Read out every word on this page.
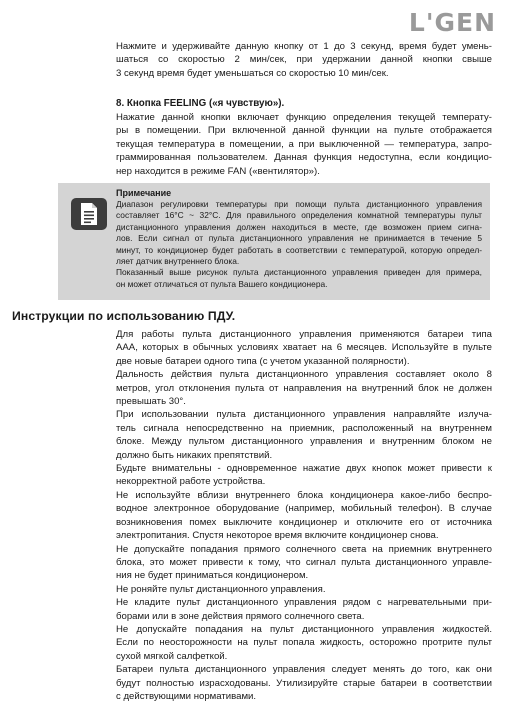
L'GEN

Нажмите и удерживайте данную кнопку от 1 до 3 секунд, время будет умень-

шаться со скоростью 2 мин/сек, при удержании данной кнопки свыше

3 секунд время будет уменьшаться со скоростью 10 мин/сек.

8. Кнопка FEELING («я чувствую»).

Нажатие данной кнопки включает функцию определения текущей температу-

ры в помещении. При включенной данной функции на пульте отображается

текущая температура в помещении, а при выключенной — температура, запро-

граммированная пользователем. Данная функция недоступна, если кондицио-

нер находится в режиме FAN («вентилятор»).

Примечание

Диапазон регулировки температуры при помощи пульта дистанционного управления

составляет 16°C ~ 32°C. Для правильного определения комнатной температуры пульт

дистанционного управления должен находиться в месте, где возможен прием сигна-

лов. Если сигнал от пульта дистанционного управления не принимается в течение 5

минут, то кондиционер будет работать в соответствии с температурой, которую определ-

ляет датчик внутреннего блока.

Показанный выше рисунок пульта дистанционного управления приведен для примера,

он может отличаться от пульта Вашего кондиционера.

Инструкции по использованию ПДУ.

Для работы пульта дистанционного управления применяются батареи типа

ААА, которых в обычных условиях хватает на 6 месяцев. Используйте в пульте

две новые батареи одного типа (с учетом указанной полярности).

Дальность действия пульта дистанционного управления составляет около 8

метров, угол отклонения пульта от направления на внутренний блок не должен

превышать 30°.

При использовании пульта дистанционного управления направляйте излуча-

тель сигнала непосредственно на приемник, расположенный на внутреннем

блоке. Между пультом дистанционного управления и внутренним блоком не

должно быть никаких препятствий.

Будьте внимательны - одновременное нажатие двух кнопок может привести к

некорректной работе устройства.

Не используйте вблизи внутреннего блока кондиционера какое-либо беспро-

водное электронное оборудование (например, мобильный телефон). В случае

возникновения помех выключите кондиционер и отключите его от источника

электропитания. Спустя некоторое время включите кондиционер снова.

Не допускайте попадания прямого солнечного света на приемник внутреннего

блока, это может привести к тому, что сигнал пульта дистанционного управле-

ния не будет приниматься кондиционером.

Не роняйте пульт дистанционного управления.

Не кладите пульт дистанционного управления рядом с нагревательными при-

борами или в зоне действия прямого солнечного света.

Не допускайте попадания на пульт дистанционного управления жидкостей.

Если по неосторожности на пульт попала жидкость, осторожно протрите пульт

сухой мягкой салфеткой.

Батареи пульта дистанционного управления следует менять до того, как они

будут полностью израсходованы. Утилизируйте старые батареи в соответствии

с действующими нормативами.
